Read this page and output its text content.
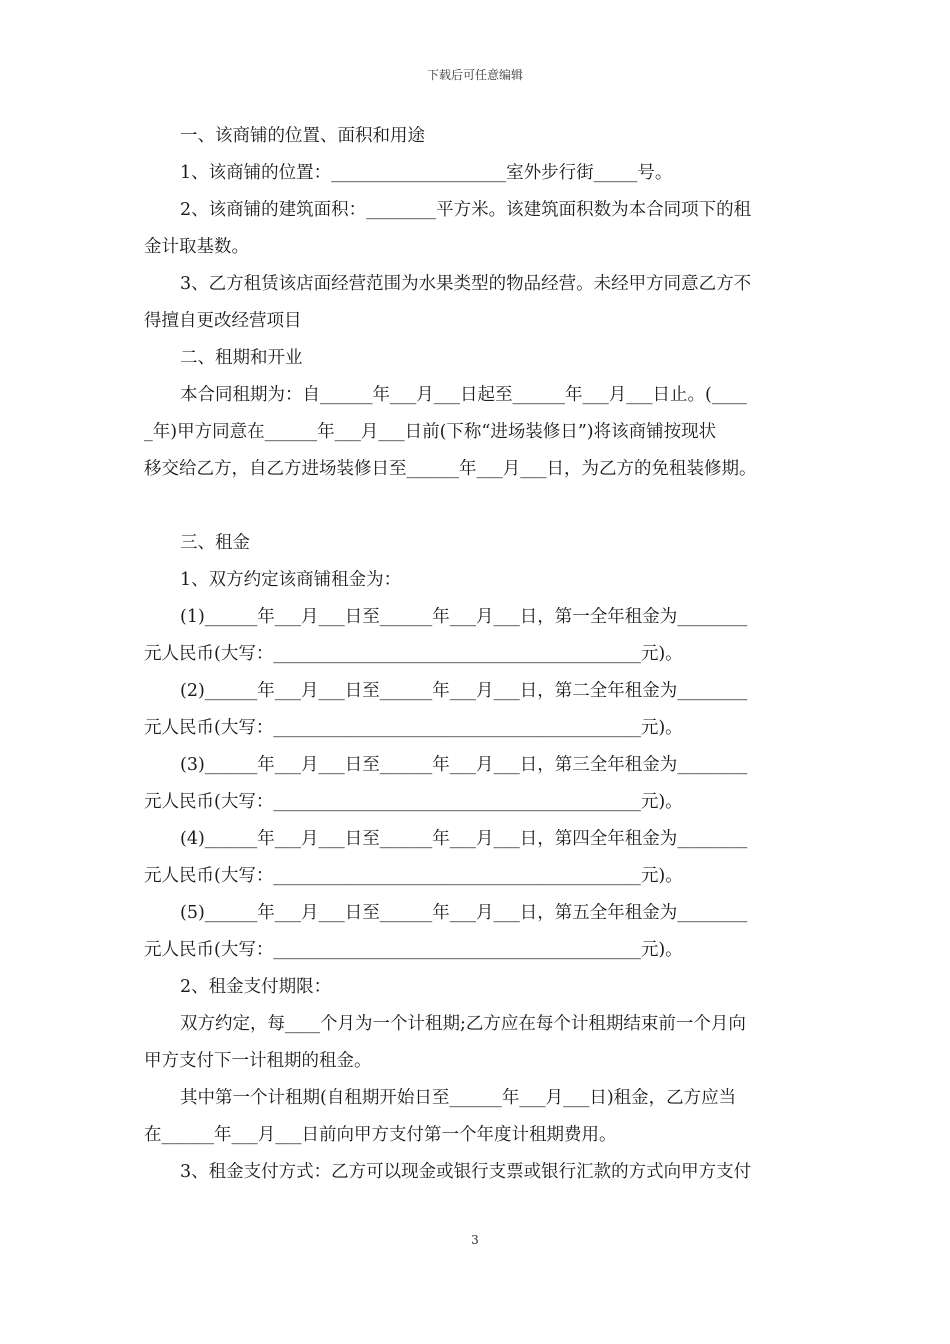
下载后可任意编辑
一、该商铺的位置、面积和用途
1、该商铺的位置：____________________室外步行街_____号。
2、该商铺的建筑面积：________平方米。该建筑面积数为本合同项下的租
金计取基数。
3、乙方租赁该店面经营范围为水果类型的物品经营。未经甲方同意乙方不
得擅自更改经营项目
二、租期和开业
本合同租期为：自______年___月___日起至______年___月___日止。(____
_年)甲方同意在______年___月___日前(下称“进场装修日”)将该商铺按现状
移交给乙方，自乙方进场装修日至______年___月___日，为乙方的免租装修期。
三、租金
1、双方约定该商铺租金为：
(1)______年___月___日至______年___月___日，第一全年租金为________
元人民币(大写：__________________________________________元)。
(2)______年___月___日至______年___月___日，第二全年租金为________
元人民币(大写：__________________________________________元)。
(3)______年___月___日至______年___月___日，第三全年租金为________
元人民币(大写：__________________________________________元)。
(4)______年___月___日至______年___月___日，第四全年租金为________
元人民币(大写：__________________________________________元)。
(5)______年___月___日至______年___月___日，第五全年租金为________
元人民币(大写：__________________________________________元)。
2、租金支付期限：
双方约定，每____个月为一个计租期;乙方应在每个计租期结束前一个月向
甲方支付下一计租期的租金。
其中第一个计租期(自租期开始日至______年___月___日)租金，乙方应当
在______年___月___日前向甲方支付第一个年度计租期费用。
3、租金支付方式：乙方可以现金或银行支票或银行汇款的方式向甲方支付
3
